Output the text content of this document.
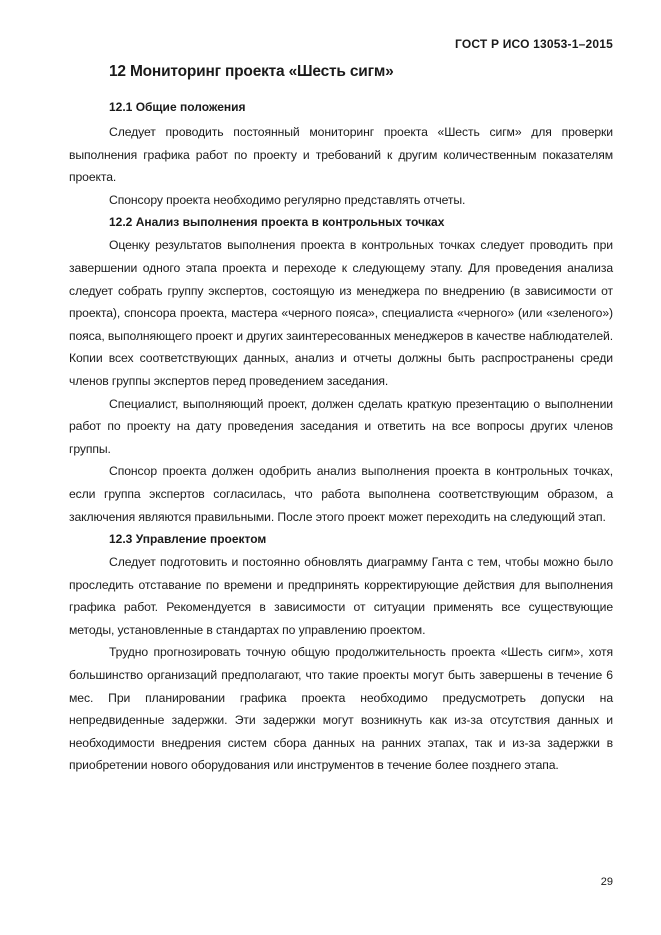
ГОСТ Р ИСО 13053-1–2015
12 Мониторинг проекта «Шесть сигм»
12.1 Общие положения

Следует проводить постоянный мониторинг проекта «Шесть сигм» для проверки выполнения графика работ по проекту и требований к другим количественным показателям проекта.

Спонсору проекта необходимо регулярно представлять отчеты.

12.2 Анализ выполнения проекта в контрольных точках

Оценку результатов выполнения проекта в контрольных точках следует проводить при завершении одного этапа проекта и переходе к следующему этапу. Для проведения анализа следует собрать группу экспертов, состоящую из менеджера по внедрению (в зависимости от проекта), спонсора проекта, мастера «черного пояса», специалиста «черного» (или «зеленого») пояса, выполняющего проект и других заинтересованных менеджеров в качестве наблюдателей. Копии всех соответствующих данных, анализ и отчеты должны быть распространены среди членов группы экспертов перед проведением заседания.

Специалист, выполняющий проект, должен сделать краткую презентацию о выполнении работ по проекту на дату проведения заседания и ответить на все вопросы других членов группы.

Спонсор проекта должен одобрить анализ выполнения проекта в контрольных точках, если группа экспертов согласилась, что работа выполнена соответствующим образом, а заключения являются правильными. После этого проект может переходить на следующий этап.

12.3 Управление проектом

Следует подготовить и постоянно обновлять диаграмму Ганта с тем, чтобы можно было проследить отставание по времени и предпринять корректирующие действия для выполнения графика работ. Рекомендуется в зависимости от ситуации применять все существующие методы, установленные в стандартах по управлению проектом.

Трудно прогнозировать точную общую продолжительность проекта «Шесть сигм», хотя большинство организаций предполагают, что такие проекты могут быть завершены в течение 6 мес. При планировании графика проекта необходимо предусмотреть допуски на непредвиденные задержки. Эти задержки могут возникнуть как из-за отсутствия данных и необходимости внедрения систем сбора данных на ранних этапах, так и из-за задержки в приобретении нового оборудования или инструментов в течение более позднего этапа.

29
